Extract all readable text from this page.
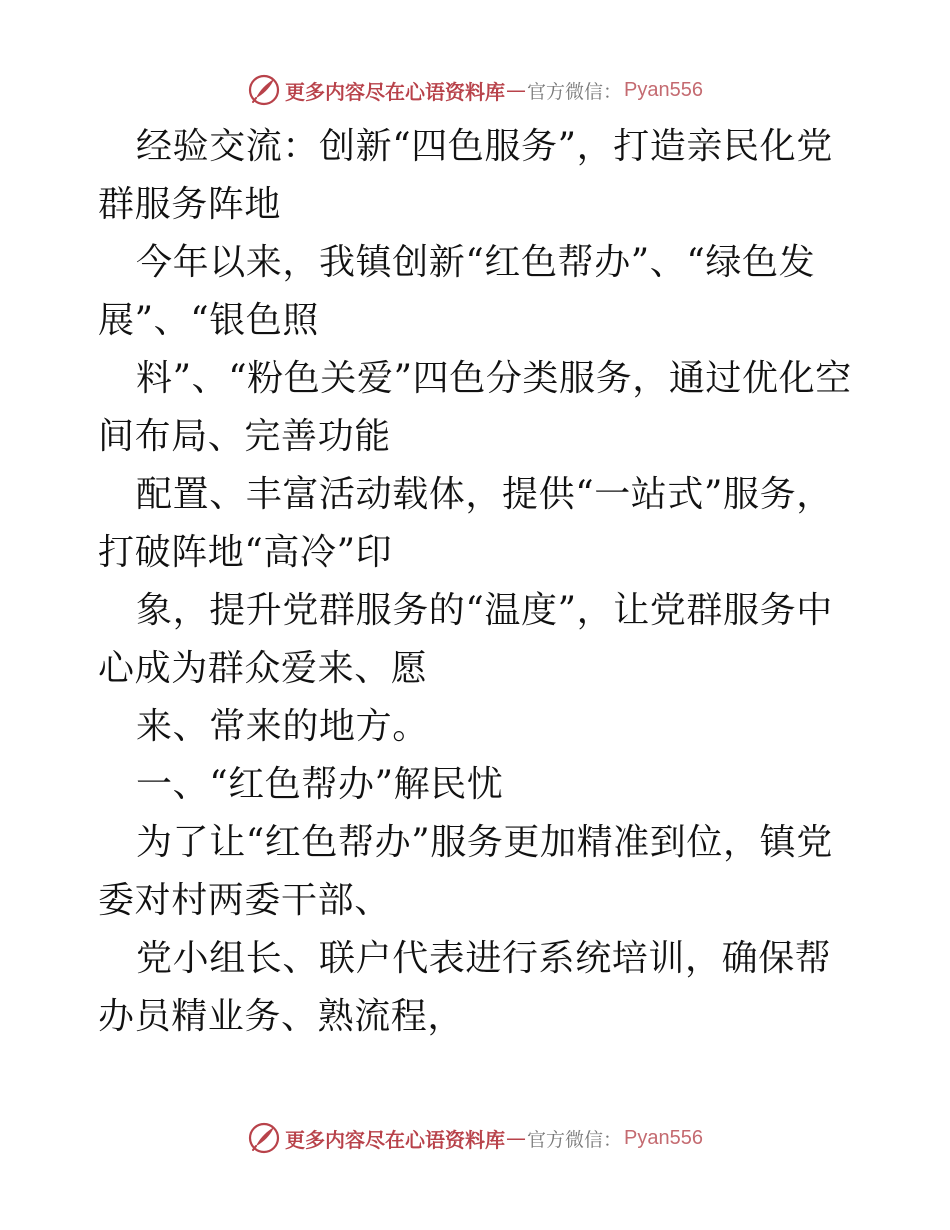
更多内容尽在心语资料库 — 官方微信： Pyan556

经验交流：创新“四色服务”，打造亲民化党群服务阵地

今年以来，我镇创新“红色帮办”、“绿色发展”、“银色照

料”、“粉色关爱”四色分类服务，通过优化空间布局、完善功能

配置、丰富活动载体，提供“一站式”服务，打破阵地“高冷”印

象，提升党群服务的“温度”，让党群服务中心成为群众爱来、愿

来、常来的地方。

一、“红色帮办”解民忧

为了让“红色帮办”服务更加精准到位，镇党委对村两委干部、

党小组长、联户代表进行系统培训，确保帮办员精业务、熟流程，

更多内容尽在心语资料库 — 官方微信： Pyan556
